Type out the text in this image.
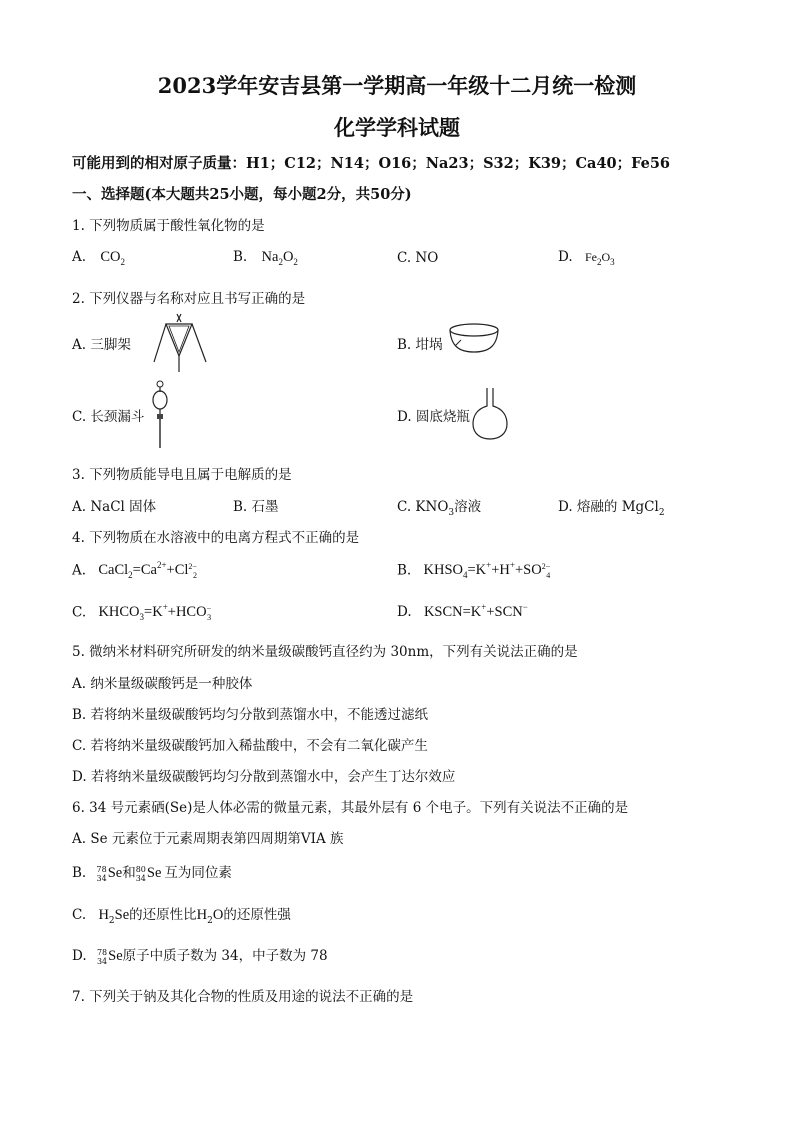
2023学年安吉县第一学期高一年级十二月统一检测
化学学科试题
可能用到的相对原子质量：H1；C12；N14；O16；Na23；S32；K39；Ca40；Fe56
一、选择题(本大题共25小题，每小题2分，共50分)
1. 下列物质属于酸性氧化物的是
A. $CO_2$	B. $Na_2O_2$	C. NO	D. $Fe_2O_3$
2. 下列仪器与名称对应且书写正确的是
A. 三脚架	B. 坩埚
C. 长颈漏斗	D. 圆底烧瓶
3. 下列物质能导电且属于电解质的是
A. NaCl 固体	B. 石墨	C. $KNO_3$溶液	D. 熔融的 MgCl$_2$
4. 下列物质在水溶液中的电离方程式不正确的是
A. $CaCl_2=Ca^{2+}+Cl2-$
2	B. $KHSO_4=K^++H^++SO2-$
4
C. $KHCO_3=K^++HCO-$
3	D. KSCN=K++SCN−
5. 微纳米材料研究所研发的纳米量级碳酸钙直径约为 30nm，下列有关说法正确的是
A. 纳米量级碳酸钙是一种胶体
B. 若将纳米量级碳酸钙均匀分散到蒸馏水中，不能透过滤纸
C. 若将纳米量级碳酸钙加入稀盐酸中，不会有二氧化碳产生
D. 若将纳米量级碳酸钙均匀分散到蒸馏水中，会产生丁达尔效应
6. 34 号元素硒(Se)是人体必需的微量元素，其最外层有 6 个电子。下列有关说法不正确的是
A. Se 元素位于元素周期表第四周期第VIA 族
B. 78
34Se和80
34Se 互为同位素
C. $H_2Se$的还原性比$H_2O$的还原性强
D. 78
34Se原子中质子数为 34，中子数为 78
7. 下列关于钠及其化合物的性质及用途的说法不正确的是
